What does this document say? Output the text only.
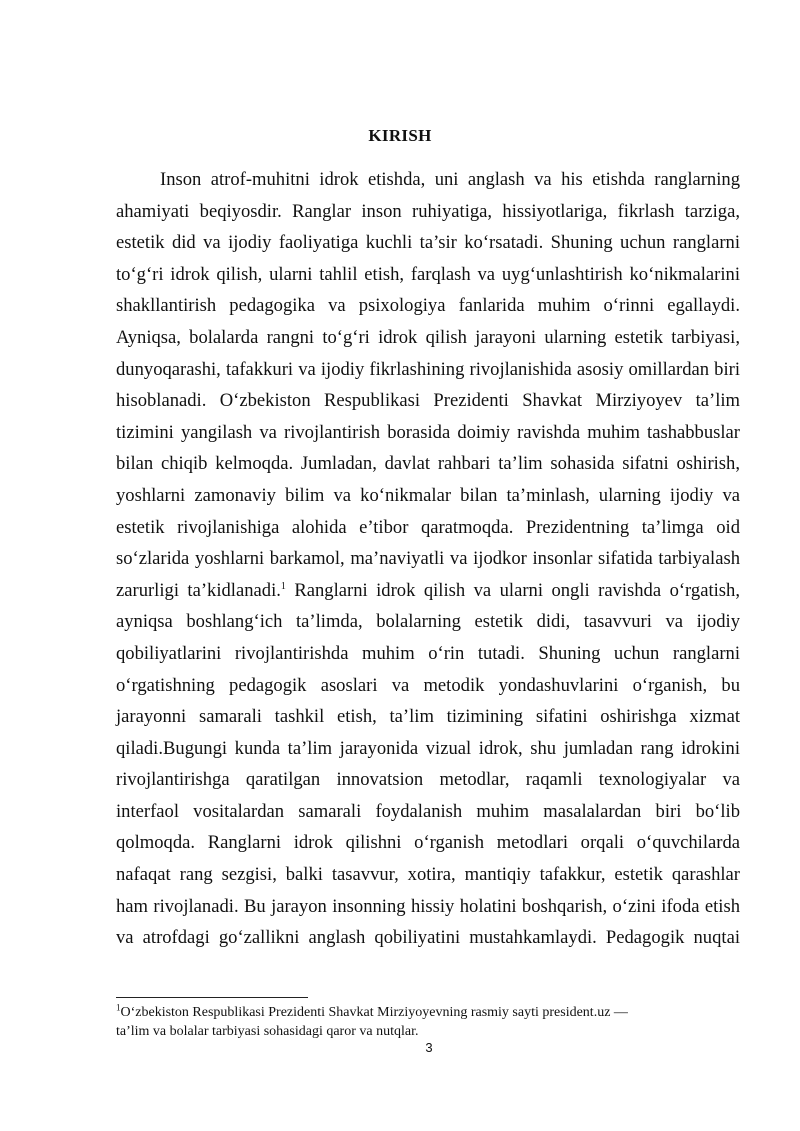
KIRISH
Inson atrof-muhitni idrok etishda, uni anglash va his etishda ranglarning
ahamiyati beqiyosdir. Ranglar inson ruhiyatiga, hissiyotlariga, fikrlash tarziga,
estetik did va ijodiy faoliyatiga kuchli ta’sir ko‘rsatadi. Shuning uchun ranglarni
to‘g‘ri idrok qilish, ularni tahlil etish, farqlash va uyg‘unlashtirish ko‘nikmalarini
shakllantirish pedagogika va psixologiya fanlarida muhim o‘rinni egallaydi.
Ayniqsa, bolalarda rangni to‘g‘ri idrok qilish jarayoni ularning estetik tarbiyasi,
dunyoqarashi, tafakkuri va ijodiy fikrlashining rivojlanishida asosiy omillardan biri
hisoblanadi. O‘zbekiston Respublikasi Prezidenti Shavkat Mirziyoyev ta’lim
tizimini yangilash va rivojlantirish borasida doimiy ravishda muhim tashabbuslar
bilan chiqib kelmoqda. Jumladan, davlat rahbari ta’lim sohasida sifatni oshirish,
yoshlarni zamonaviy bilim va ko‘nikmalar bilan ta’minlash, ularning ijodiy va
estetik rivojlanishiga alohida e’tibor qaratmoqda. Prezidentning ta’limga oid
so‘zlarida yoshlarni barkamol, ma’naviyatli va ijodkor insonlar sifatida tarbiyalash
zarurligi ta’kidlanadi.$^1$ Ranglarni idrok qilish va ularni ongli ravishda o‘rgatish,
ayniqsa boshlang‘ich ta’limda, bolalarning estetik didi, tasavvuri va ijodiy
qobiliyatlarini rivojlantirishda muhim o‘rin tutadi. Shuning uchun ranglarni
o‘rgatishning pedagogik asoslari va metodik yondashuvlarini o‘rganish, bu
jarayonni samarali tashkil etish, ta’lim tizimining sifatini oshirishga xizmat
qiladi.Bugungi kunda ta’lim jarayonida vizual idrok, shu jumladan rang idrokini
rivojlantirishga qaratilgan innovatsion metodlar, raqamli texnologiyalar va
interfaol vositalardan samarali foydalanish muhim masalalardan biri bo‘lib
qolmoqda. Ranglarni idrok qilishni o‘rganish metodlari orqali o‘quvchilarda
nafaqat rang sezgisi, balki tasavvur, xotira, mantiqiy tafakkur, estetik qarashlar
ham rivojlanadi. Bu jarayon insonning hissiy holatini boshqarish, o‘zini ifoda etish
va atrofdagi go‘zallikni anglash qobiliyatini mustahkamlaydi. Pedagogik nuqtai
$^1$O‘zbekiston Respublikasi Prezidenti Shavkat Mirziyoyevning rasmiy sayti president.uz —
ta’lim va bolalar tarbiyasi sohasidagi qaror va nutqlar.
3
